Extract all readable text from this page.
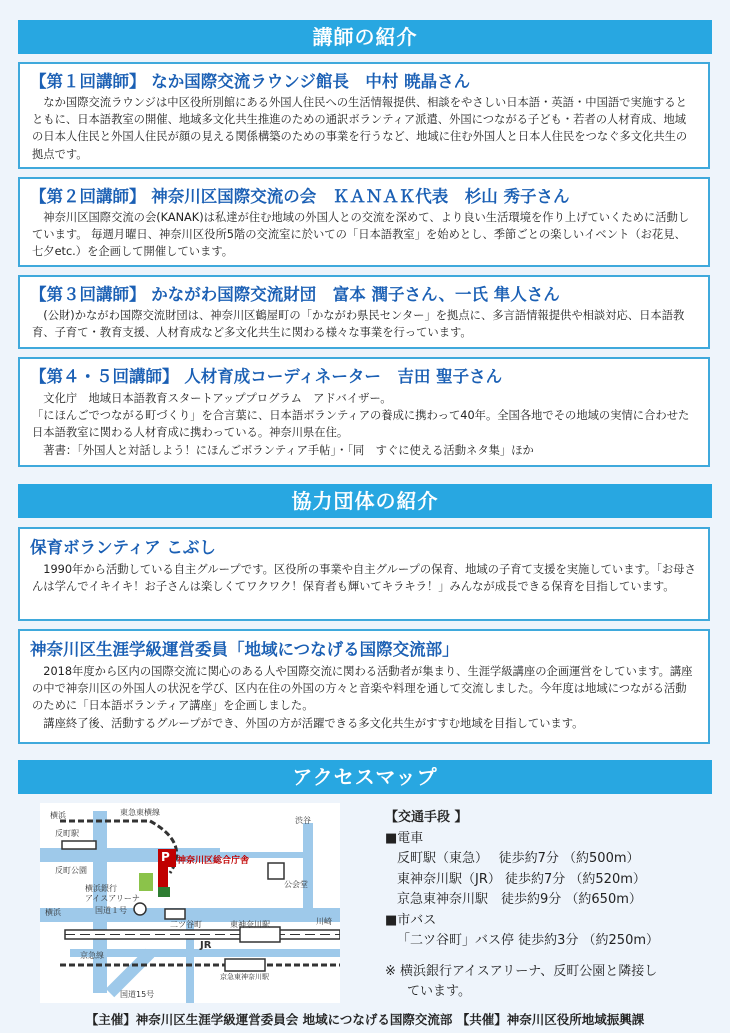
講師の紹介
【第１回講師】 なか国際交流ラウンジ館長　中村 暁晶さん

なか国際交流ラウンジは中区役所別館にある外国人住民への生活情報提供、相談をやさしい日本語・英語・中国語で実施するとともに、日本語教室の開催、地域多文化共生推進のための通訳ボランティア派遣、外国につながる子ども・若者の人材育成、地域の日本人住民と外国人住民が顔の見える関係構築のための事業を行うなど、地域に住む外国人と日本人住民をつなぐ多文化共生の拠点です。

【第２回講師】 神奈川区国際交流の会　ＫＡＮＡＫ代表　杉山 秀子さん

神奈川区国際交流の会(KANAK)は私達が住む地域の外国人との交流を深めて、より良い生活環境を作り上げていくために活動しています。 毎週月曜日、神奈川区役所5階の交流室に於いての「日本語教室」を始めとし、季節ごとの楽しいイベント（お花見、七夕etc.）を企画して開催しています。

【第３回講師】 かながわ国際交流財団　富本 潤子さん、一氏 隼人さん

(公財)かながわ国際交流財団は、神奈川区鶴屋町の「かながわ県民センター」を拠点に、多言語情報提供や相談対応、日本語教育、子育て・教育支援、人材育成など多文化共生に関わる様々な事業を行っています。

【第４・５回講師】 人材育成コーディネーター　吉田 聖子さん

文化庁　地域日本語教育スタートアッププログラム　アドバイザー。

「にほんごでつながる町づくり」を合言葉に、日本語ボランティアの養成に携わって40年。全国各地でその地域の実情に合わせた日本語教室に関わる人材育成に携わっている。神奈川県在住。

著書：「外国人と対話しよう！にほんごボランティア手帖」・「同　すぐに使える活動ネタ集」ほか

協力団体の紹介
保育ボランティア こぶし

1990年から活動している自主グループです。区役所の事業や自主グループの保育、地域の子育て支援を実施しています。「お母さんは学んでイキイキ！お子さんは楽しくてワクワク！保育者も輝いてキラキラ！」みんなが成長できる保育を目指しています。

神奈川区生涯学級運営委員「地域につなげる国際交流部」

2018年度から区内の国際交流に関心のある人や国際交流に関わる活動者が集まり、生涯学級講座の企画運営をしています。講座の中で神奈川区の外国人の状況を学び、区内在住の外国の方々と音楽や料理を通して交流しました。今年度は地域につながる活動のために「日本語ボランティア講座」を企画しました。

講座終了後、活動するグループができ、外国の方が活躍できる多文化共生がすすむ地域を目指しています。

アクセスマップ
横浜	東急東横線
反町駅
反町公園
横浜銀行
アイスアリーナ
神奈川区総合庁舎
渋谷
公会堂
国道１号
二ツ谷町	東神奈川駅	川崎
JR
横浜
京急線
京急東神奈川駅
国道15号
P
【交通手段 】
■電車
反町駅（東急）　 徒歩約7分 （約500m）
東神奈川駅（JR） 徒歩約7分 （約520m）
京急東神奈川駅　徒歩約9分 （約650m）
■市バス
「二ツ谷町」バス停 徒歩約3分 （約250m）
※ 横浜銀行アイスアリーナ、反町公園と隣接し
ています。
【主催】神奈川区生涯学級運営委員会 地域につなげる国際交流部 【共催】神奈川区役所地域振興課
